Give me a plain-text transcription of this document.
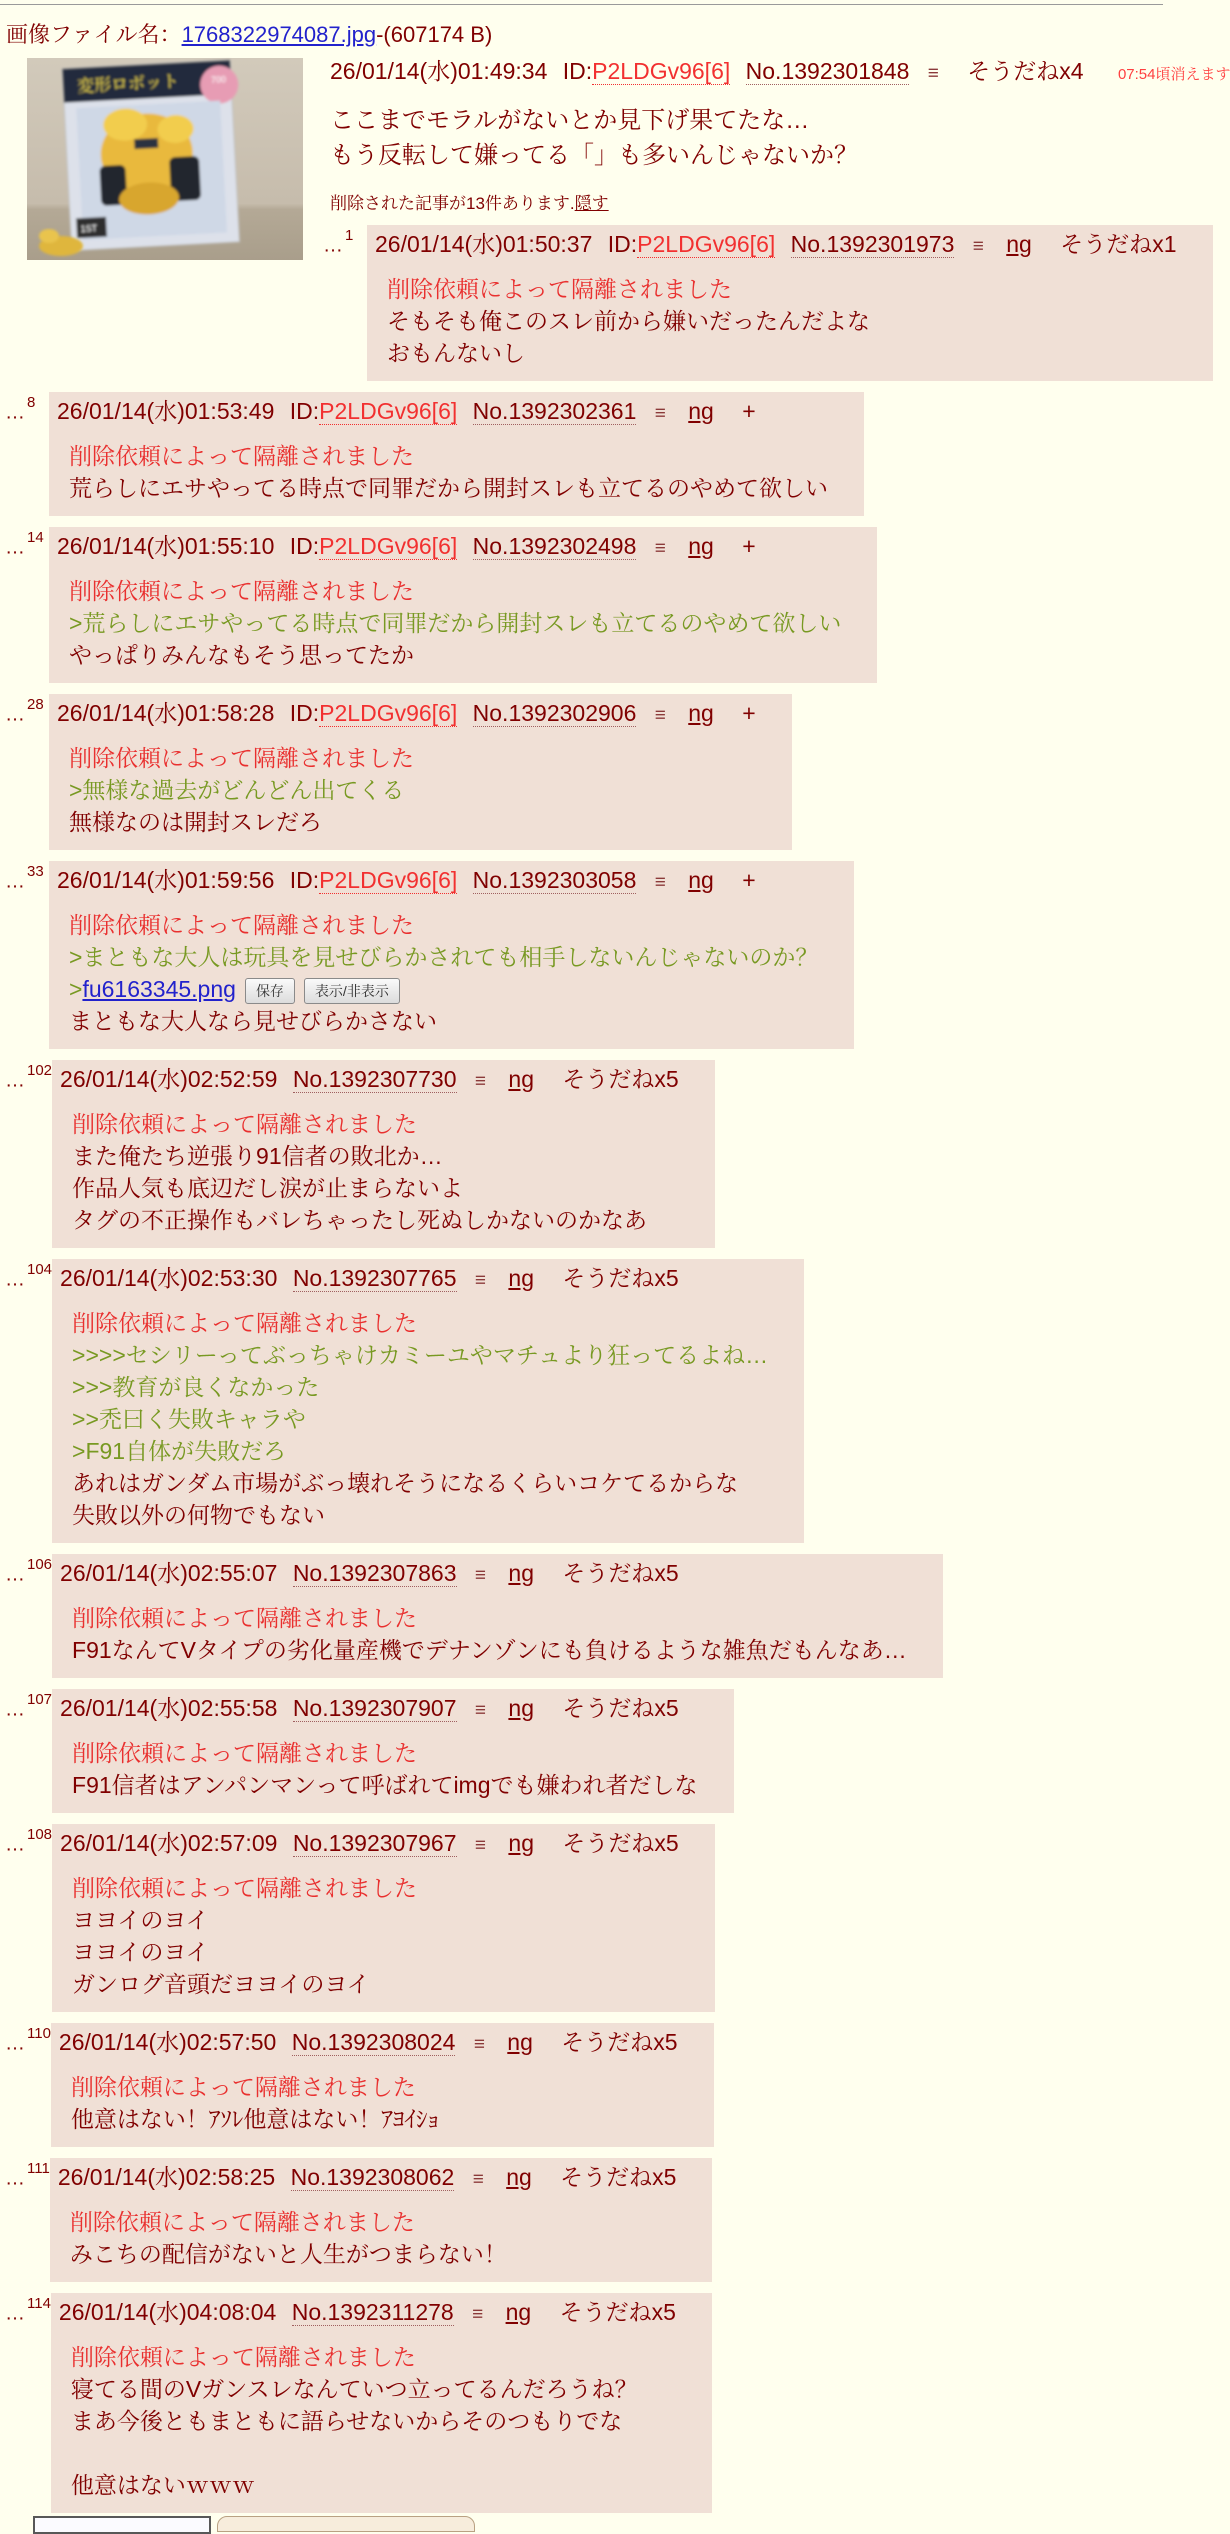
画像ファイル名：1768322974087.jpg-(607174 B)
変形ロボット	700
1ST
26/01/14(水)01:49:34 ID:P2LDGv96[6] No.1392301848 ≡ そうだねx4 07:54頃消えます
ここまでモラルがないとか見下げ果てたな…
もう反転して嫌ってる「」も多いんじゃないか？
削除された記事が13件あります.隠す
… $^1$ 26/01/14(水)01:50:37 ID:P2LDGv96[6] No.1392301973 ≡ ng そうだねx1
削除依頼によって隔離されました
そもそも俺このスレ前から嫌いだったんだよな
おもんないし
… $^8$ 26/01/14(水)01:53:49 ID:P2LDGv96[6] No.1392302361 ≡ ng +
削除依頼によって隔離されました
荒らしにエサやってる時点で同罪だから開封スレも立てるのやめて欲しい
… $^{14}$ 26/01/14(水)01:55:10 ID:P2LDGv96[6] No.1392302498 ≡ ng +
削除依頼によって隔離されました
>荒らしにエサやってる時点で同罪だから開封スレも立てるのやめて欲しい
やっぱりみんなもそう思ってたか
… $^{28}$ 26/01/14(水)01:58:28 ID:P2LDGv96[6] No.1392302906 ≡ ng +
削除依頼によって隔離されました
>無様な過去がどんどん出てくる
無様なのは開封スレだろ
… $^{33}$ 26/01/14(水)01:59:56 ID:P2LDGv96[6] No.1392303058 ≡ ng +
削除依頼によって隔離されました
>まともな大人は玩具を見せびらかされても相手しないんじゃないのか？
>fu6163345.png 保存 表示/非表示
まともな大人なら見せびらかさない
… $^{102}$ 26/01/14(水)02:52:59 No.1392307730 ≡ ng そうだねx5
削除依頼によって隔離されました
また俺たち逆張り91信者の敗北か…
作品人気も底辺だし涙が止まらないよ
タグの不正操作もバレちゃったし死ぬしかないのかなあ
… $^{104}$ 26/01/14(水)02:53:30 No.1392307765 ≡ ng そうだねx5
削除依頼によって隔離されました
>>>>セシリーってぶっちゃけカミーユやマチュより狂ってるよね…
>>>教育が良くなかった
>>禿曰く失敗キャラや
>F91自体が失敗だろ
あれはガンダム市場がぶっ壊れそうになるくらいコケてるからな
失敗以外の何物でもない
… $^{106}$ 26/01/14(水)02:55:07 No.1392307863 ≡ ng そうだねx5
削除依頼によって隔離されました
F91なんてVタイプの劣化量産機でデナンゾンにも負けるような雑魚だもんなあ…
… $^{107}$ 26/01/14(水)02:55:58 No.1392307907 ≡ ng そうだねx5
削除依頼によって隔離されました
F91信者はアンパンマンって呼ばれてimgでも嫌われ者だしな
… $^{108}$ 26/01/14(水)02:57:09 No.1392307967 ≡ ng そうだねx5
削除依頼によって隔離されました
ヨヨイのヨイ
ヨヨイのヨイ
ガンログ音頭だヨヨイのヨイ
… $^{110}$ 26/01/14(水)02:57:50 No.1392308024 ≡ ng そうだねx5
削除依頼によって隔離されました
他意はない！ｱｿﾚ他意はない！ｱﾖｲｼｮ
… $^{111}$ 26/01/14(水)02:58:25 No.1392308062 ≡ ng そうだねx5
削除依頼によって隔離されました
みこちの配信がないと人生がつまらない！
… $^{114}$ 26/01/14(水)04:08:04 No.1392311278 ≡ ng そうだねx5
削除依頼によって隔離されました
寝てる間のVガンスレなんていつ立ってるんだろうね？
まあ今後ともまともに語らせないからそのつもりでな

他意はないｗｗｗ
